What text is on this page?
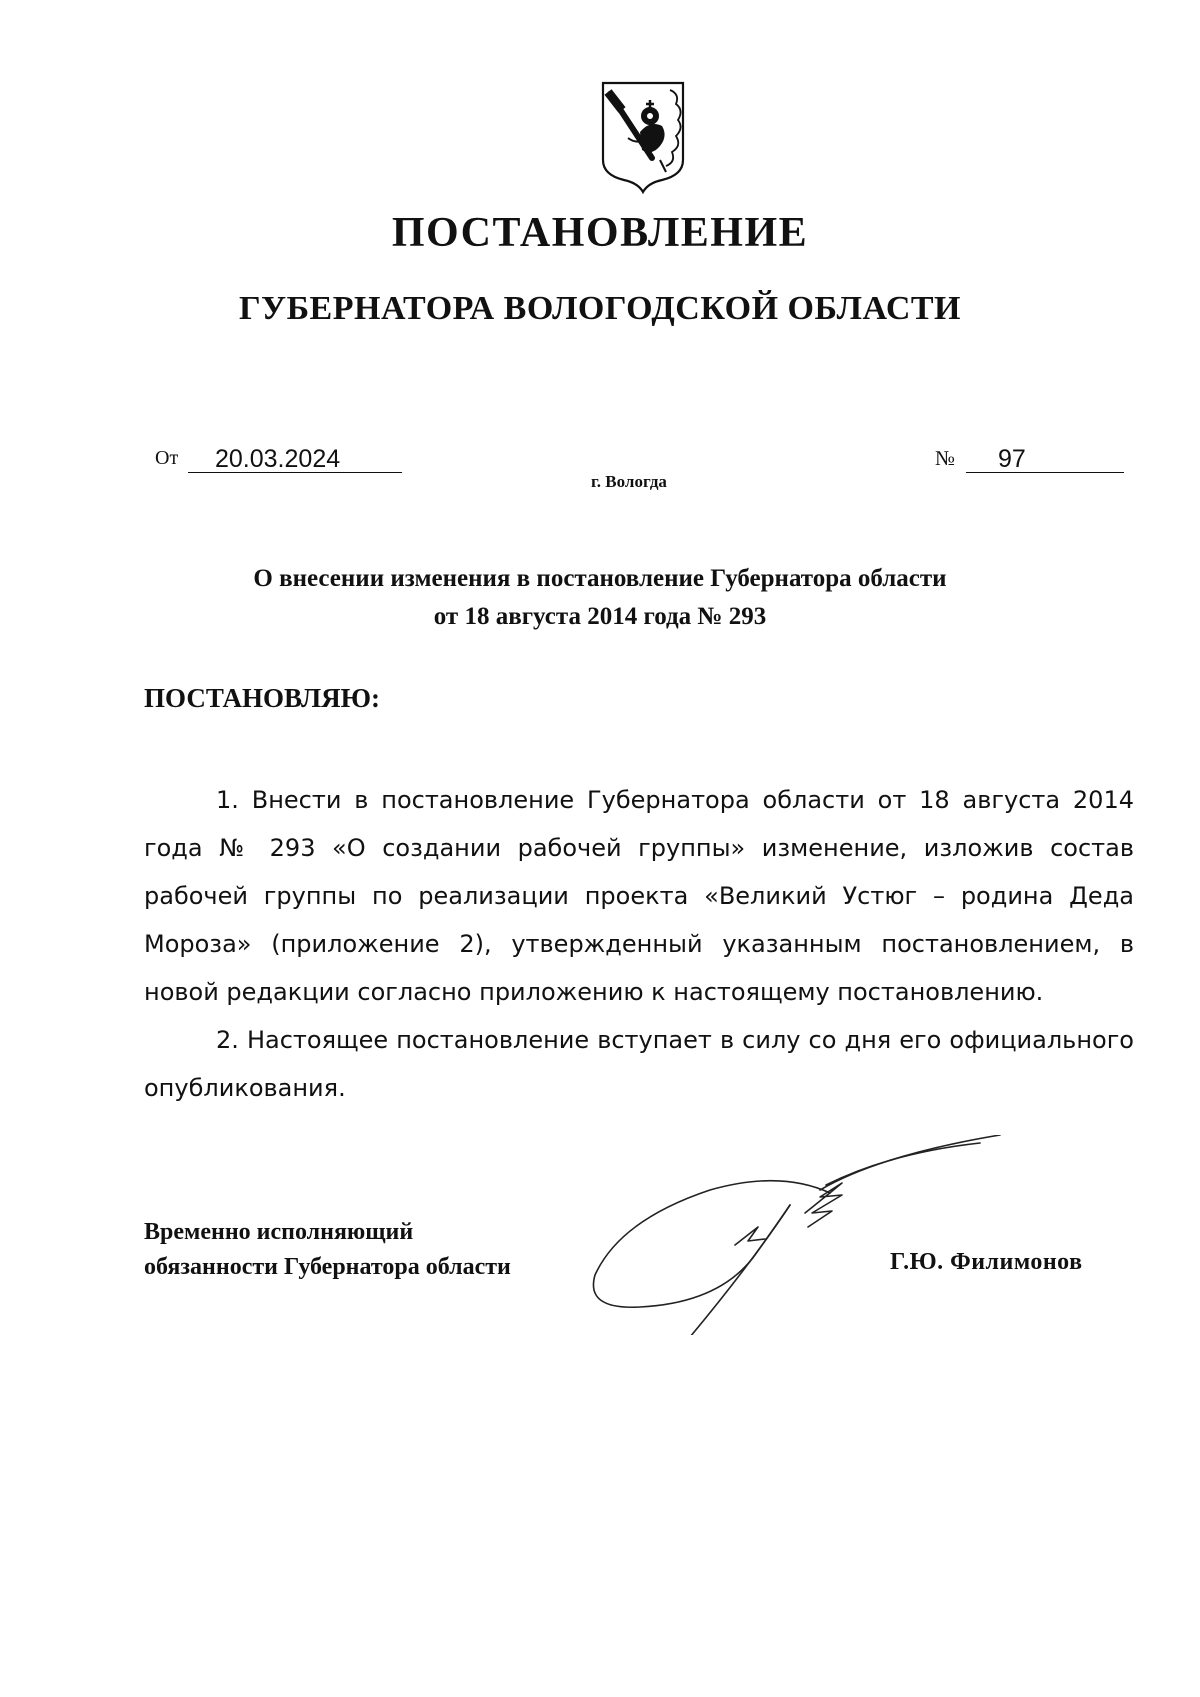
ПОСТАНОВЛЕНИЕ
ГУБЕРНАТОРА ВОЛОГОДСКОЙ ОБЛАСТИ
От	20.03.2024
г. Вологда
№	97
О внесении изменения в постановление Губернатора области
от 18 августа 2014 года № 293
ПОСТАНОВЛЯЮ:

1. Внести в постановление Губернатора области от 18 августа 2014 года № 293 «О создании рабочей группы» изменение, изложив состав рабочей группы по реализации проекта «Великий Устюг – родина Деда Мороза» (приложение 2), утвержденный указанным постановлением, в новой редакции согласно приложению к настоящему постановлению.

2. Настоящее постановление вступает в силу со дня его официального опубликования.

Временно исполняющий
обязанности Губернатора области	Г.Ю. Филимонов
